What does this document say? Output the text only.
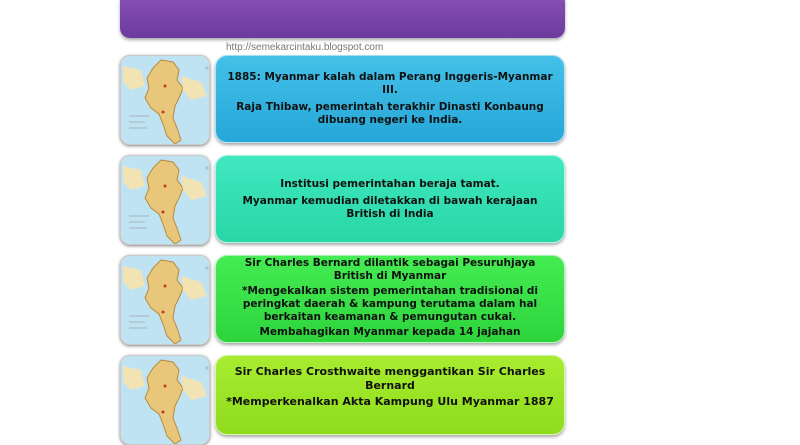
http://semekarcintaku.blogspot.com
»

1885: Myanmar kalah dalam Perang Inggeris-Myanmar III.

Raja Thibaw, pemerintah terakhir Dinasti Konbaung dibuang negeri ke India.

»

Institusi pemerintahan beraja tamat.

Myanmar kemudian diletakkan di bawah kerajaan British di India

»	Sir Charles Bernard dilantik sebagai Pesuruhjaya British di Myanmar

*Mengekalkan sistem pemerintahan tradisional di peringkat daerah & kampung terutama dalam hal berkaitan keamanan & pemungutan cukai.

Membahagikan Myanmar kepada 14 jajahan

»	Sir Charles Crosthwaite menggantikan Sir Charles Bernard

*Memperkenalkan Akta Kampung Ulu Myanmar 1887
